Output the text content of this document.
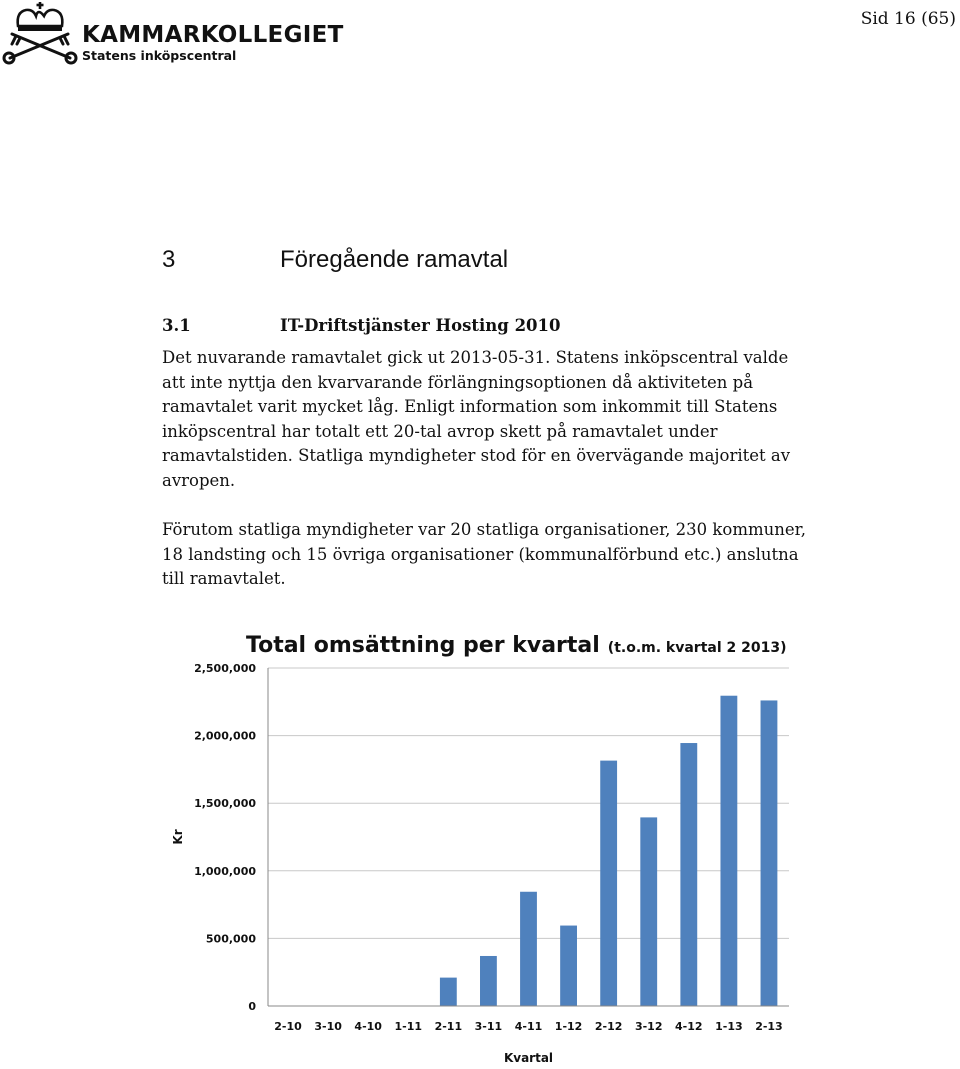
KAMMARKOLLEGIET
Statens inköpscentral
Sid 16 (65)
3	Föregående ramavtal
3.1	IT-Driftstjänster Hosting 2010
Det nuvarande ramavtalet gick ut 2013-05-31. Statens inköpscentral valde att inte nyttja den kvarvarande förlängningsoptionen då aktiviteten på ramavtalet varit mycket låg. Enligt information som inkommit till Statens inköpscentral har totalt ett 20-tal avrop skett på ramavtalet under ramavtalstiden. Statliga myndigheter stod för en övervägande majoritet av avropen.
Förutom statliga myndigheter var 20 statliga organisationer, 230 kommuner, 18 landsting och 15 övriga organisationer (kommunalförbund etc.) anslutna till ramavtalet.
Total omsättning per kvartal (t.o.m. kvartal 2 2013)
0
500,000
1,000,000
1,500,000
2,000,000
2,500,000
2-10 3-10 4-10 1-11 2-11 3-11 4-11 1-12 2-12 3-12 4-12 1-13 2-13
Kr
Kvartal
